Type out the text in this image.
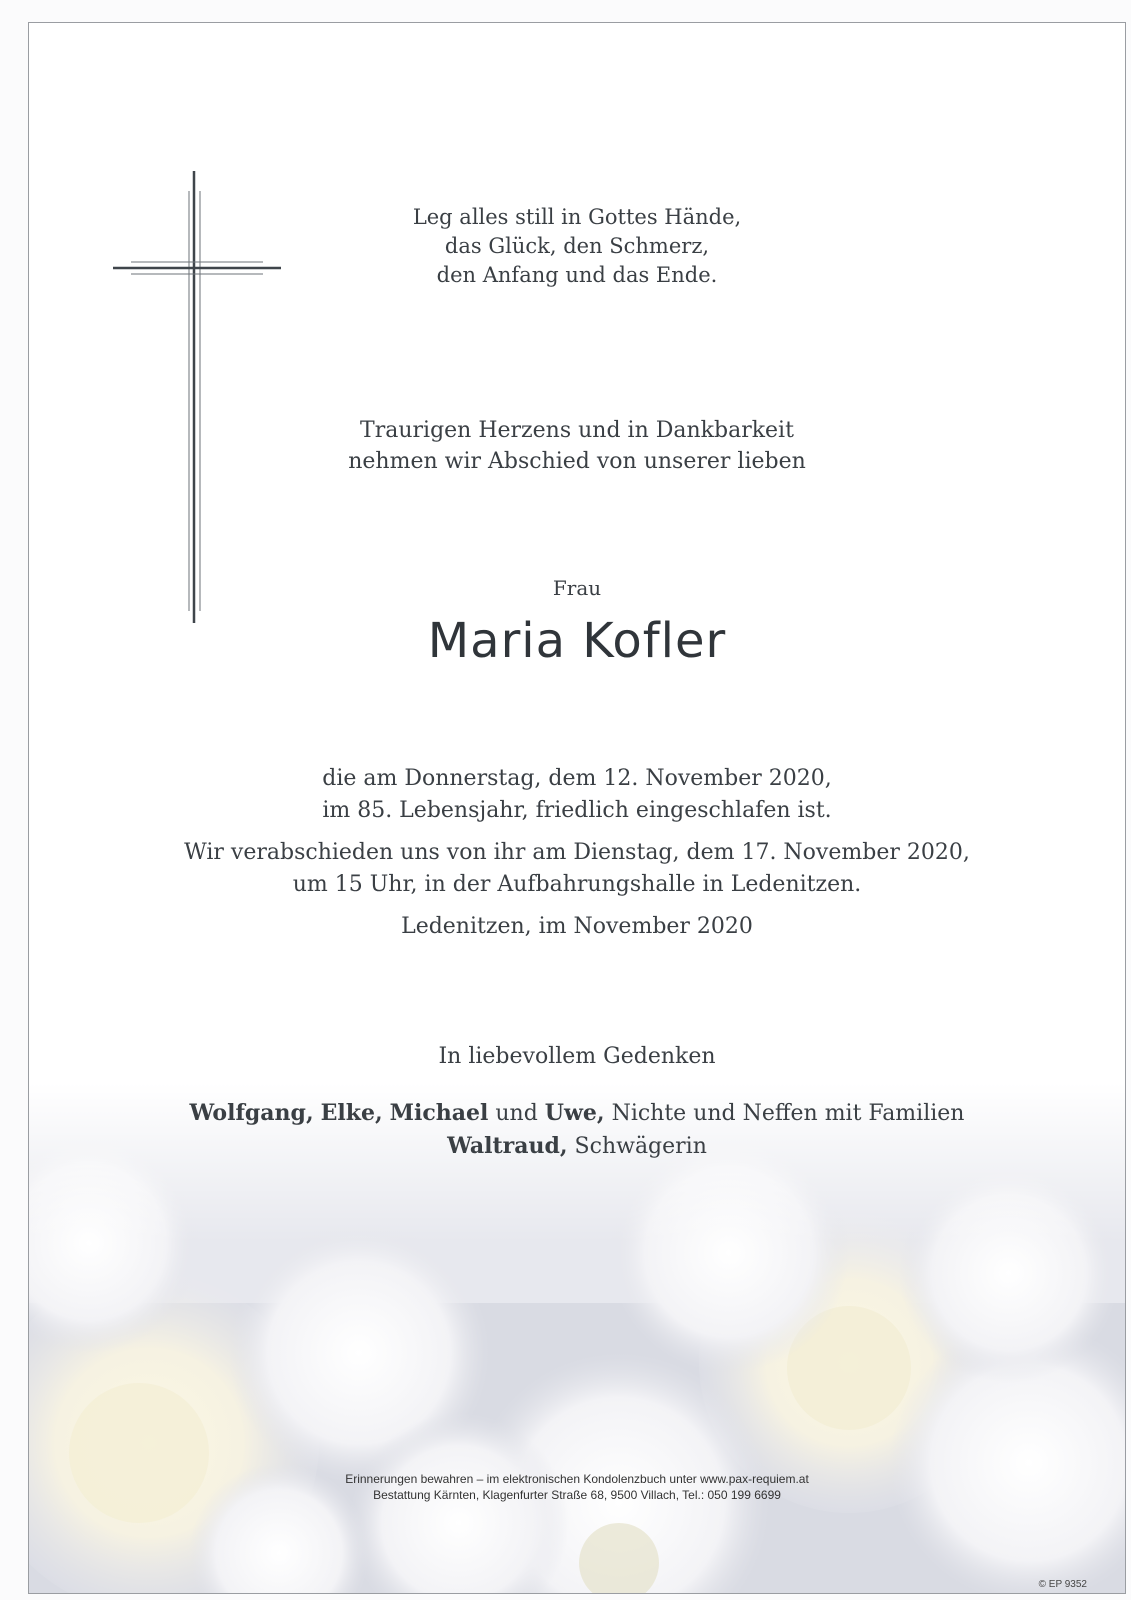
Leg alles still in Gottes Hände,
das Glück, den Schmerz,
den Anfang und das Ende.
Traurigen Herzens und in Dankbarkeit
nehmen wir Abschied von unserer lieben
Frau
Maria Kofler
die am Donnerstag, dem 12. November 2020,
im 85. Lebensjahr, friedlich eingeschlafen ist.
Wir verabschieden uns von ihr am Dienstag, dem 17. November 2020,
um 15 Uhr, in der Aufbahrungshalle in Ledenitzen.
Ledenitzen, im November 2020
In liebevollem Gedenken
Wolfgang, Elke, Michael und Uwe, Nichte und Neffen mit Familien
Waltraud, Schwägerin
Erinnerungen bewahren – im elektronischen Kondolenzbuch unter www.pax-requiem.at
Bestattung Kärnten, Klagenfurter Straße 68, 9500 Villach, Tel.: 050 199 6699
© EP 9352
